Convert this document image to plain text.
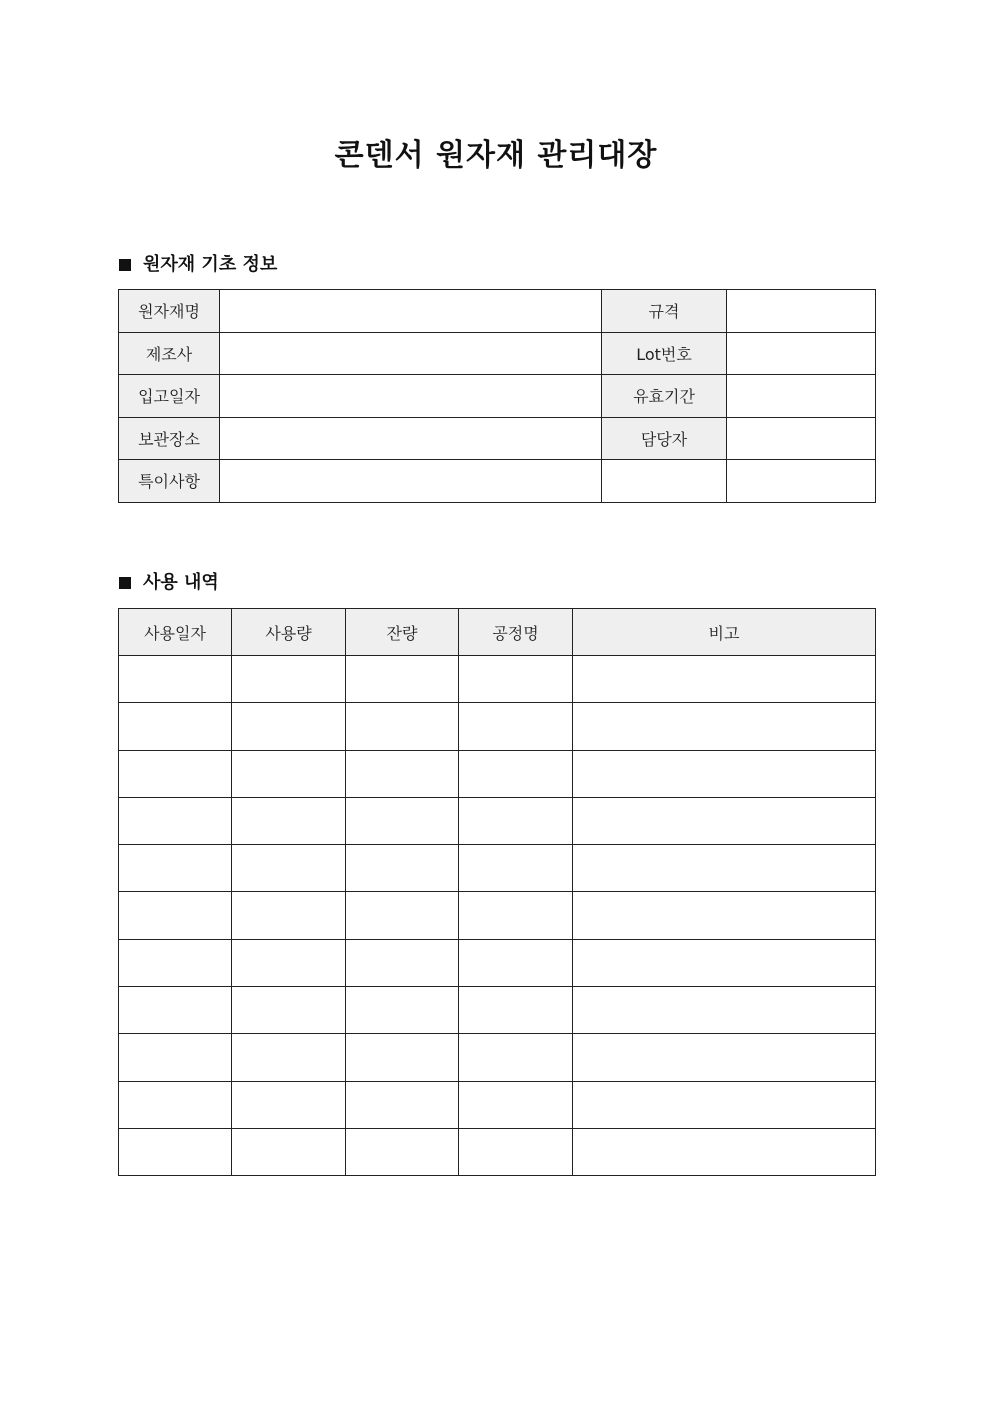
콘덴서 원자재 관리대장
원자재 기초 정보
원자재명		규격	
제조사		Lot번호	
입고일자		유효기간	
보관장소		담당자	
특이사항			
사용 내역
사용일자	사용량	잔량	공정명	비고
